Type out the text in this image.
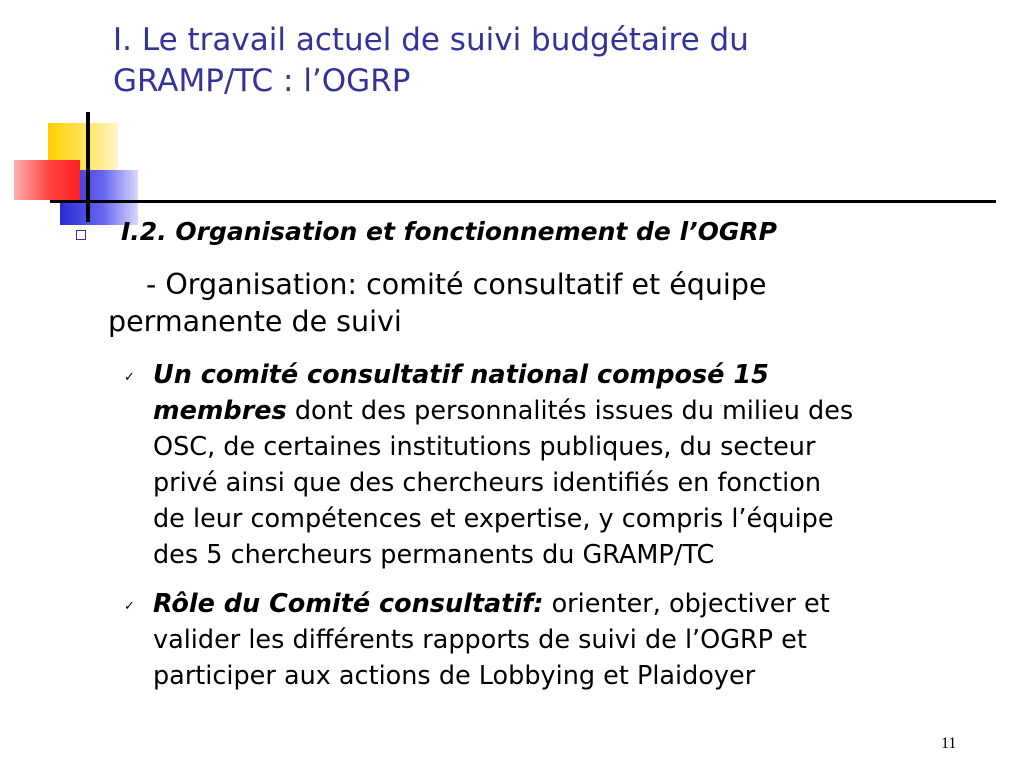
I. Le travail actuel de suivi budgétaire du
GRAMP/TC : l’OGRP

I.2. Organisation et fonctionnement de l’OGRP

- Organisation: comité consultatif et équipe
permanente de suivi

✓ Un comité consultatif national composé 15
membres dont des personnalités issues du milieu des
OSC, de certaines institutions publiques, du secteur
privé ainsi que des chercheurs identifiés en fonction
de leur compétences et expertise, y compris l’équipe
des 5 chercheurs permanents du GRAMP/TC

✓ Rôle du Comité consultatif: orienter, objectiver et
valider les différents rapports de suivi de l’OGRP et
participer aux actions de Lobbying et Plaidoyer

11
